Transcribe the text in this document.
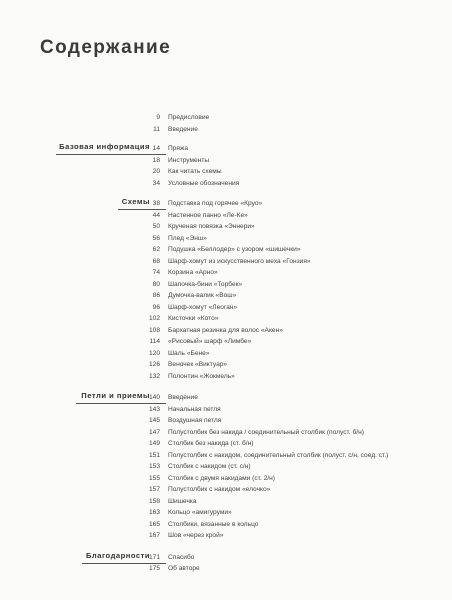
Содержание
9 Предисловие
11 Введение
Базовая информация 14 Пряжа
18 Инструменты
20 Как читать схемы
34 Условные обозначения
Схемы 38 Подставка под горячее «Круо»
44 Настенное панно «Ле-Ке»
50 Крученая повязка «Эннери»
56 Плед «Энш»
62 Подушка «Беллодер» с узором «шишечки»
68 Шарф-хомут из искусственного меха «Гонзия»
74 Корзина «Арно»
80 Шапочка-бини «Торбек»
86 Думочка-валик «Вош»
96 Шарф-хомут «Леоган»
102 Кисточки «Кото»
108 Бархатная резинка для волос «Акен»
114 «Рисовый» шарф «Лимбе»
120 Шаль «Бене»
126 Веночек «Виктуар»
132 Полонтин «Жокмель»
Петли и приемы
140 Введение
143 Начальная петля
145 Воздушная петля
147 Полустолбик без накида / соединительный столбик (полуст. б/н)
149 Столбик без накида (ст. б/н)
151 Полустолбик с накидом, соединительный столбик (полуст. с/н, соед. ст.)
153 Столбик с накидом (ст. с/н)
155 Столбик с двумя накидами (ст. 2/н)
157 Полустолбик с накидом «елочко»
158 Шишечка
163 Кольцо «амигуруми»
165 Столбики, вязанные в кольцо
167 Шов «через крой»
Благодарности
171 Спасибо
175 Об авторе
